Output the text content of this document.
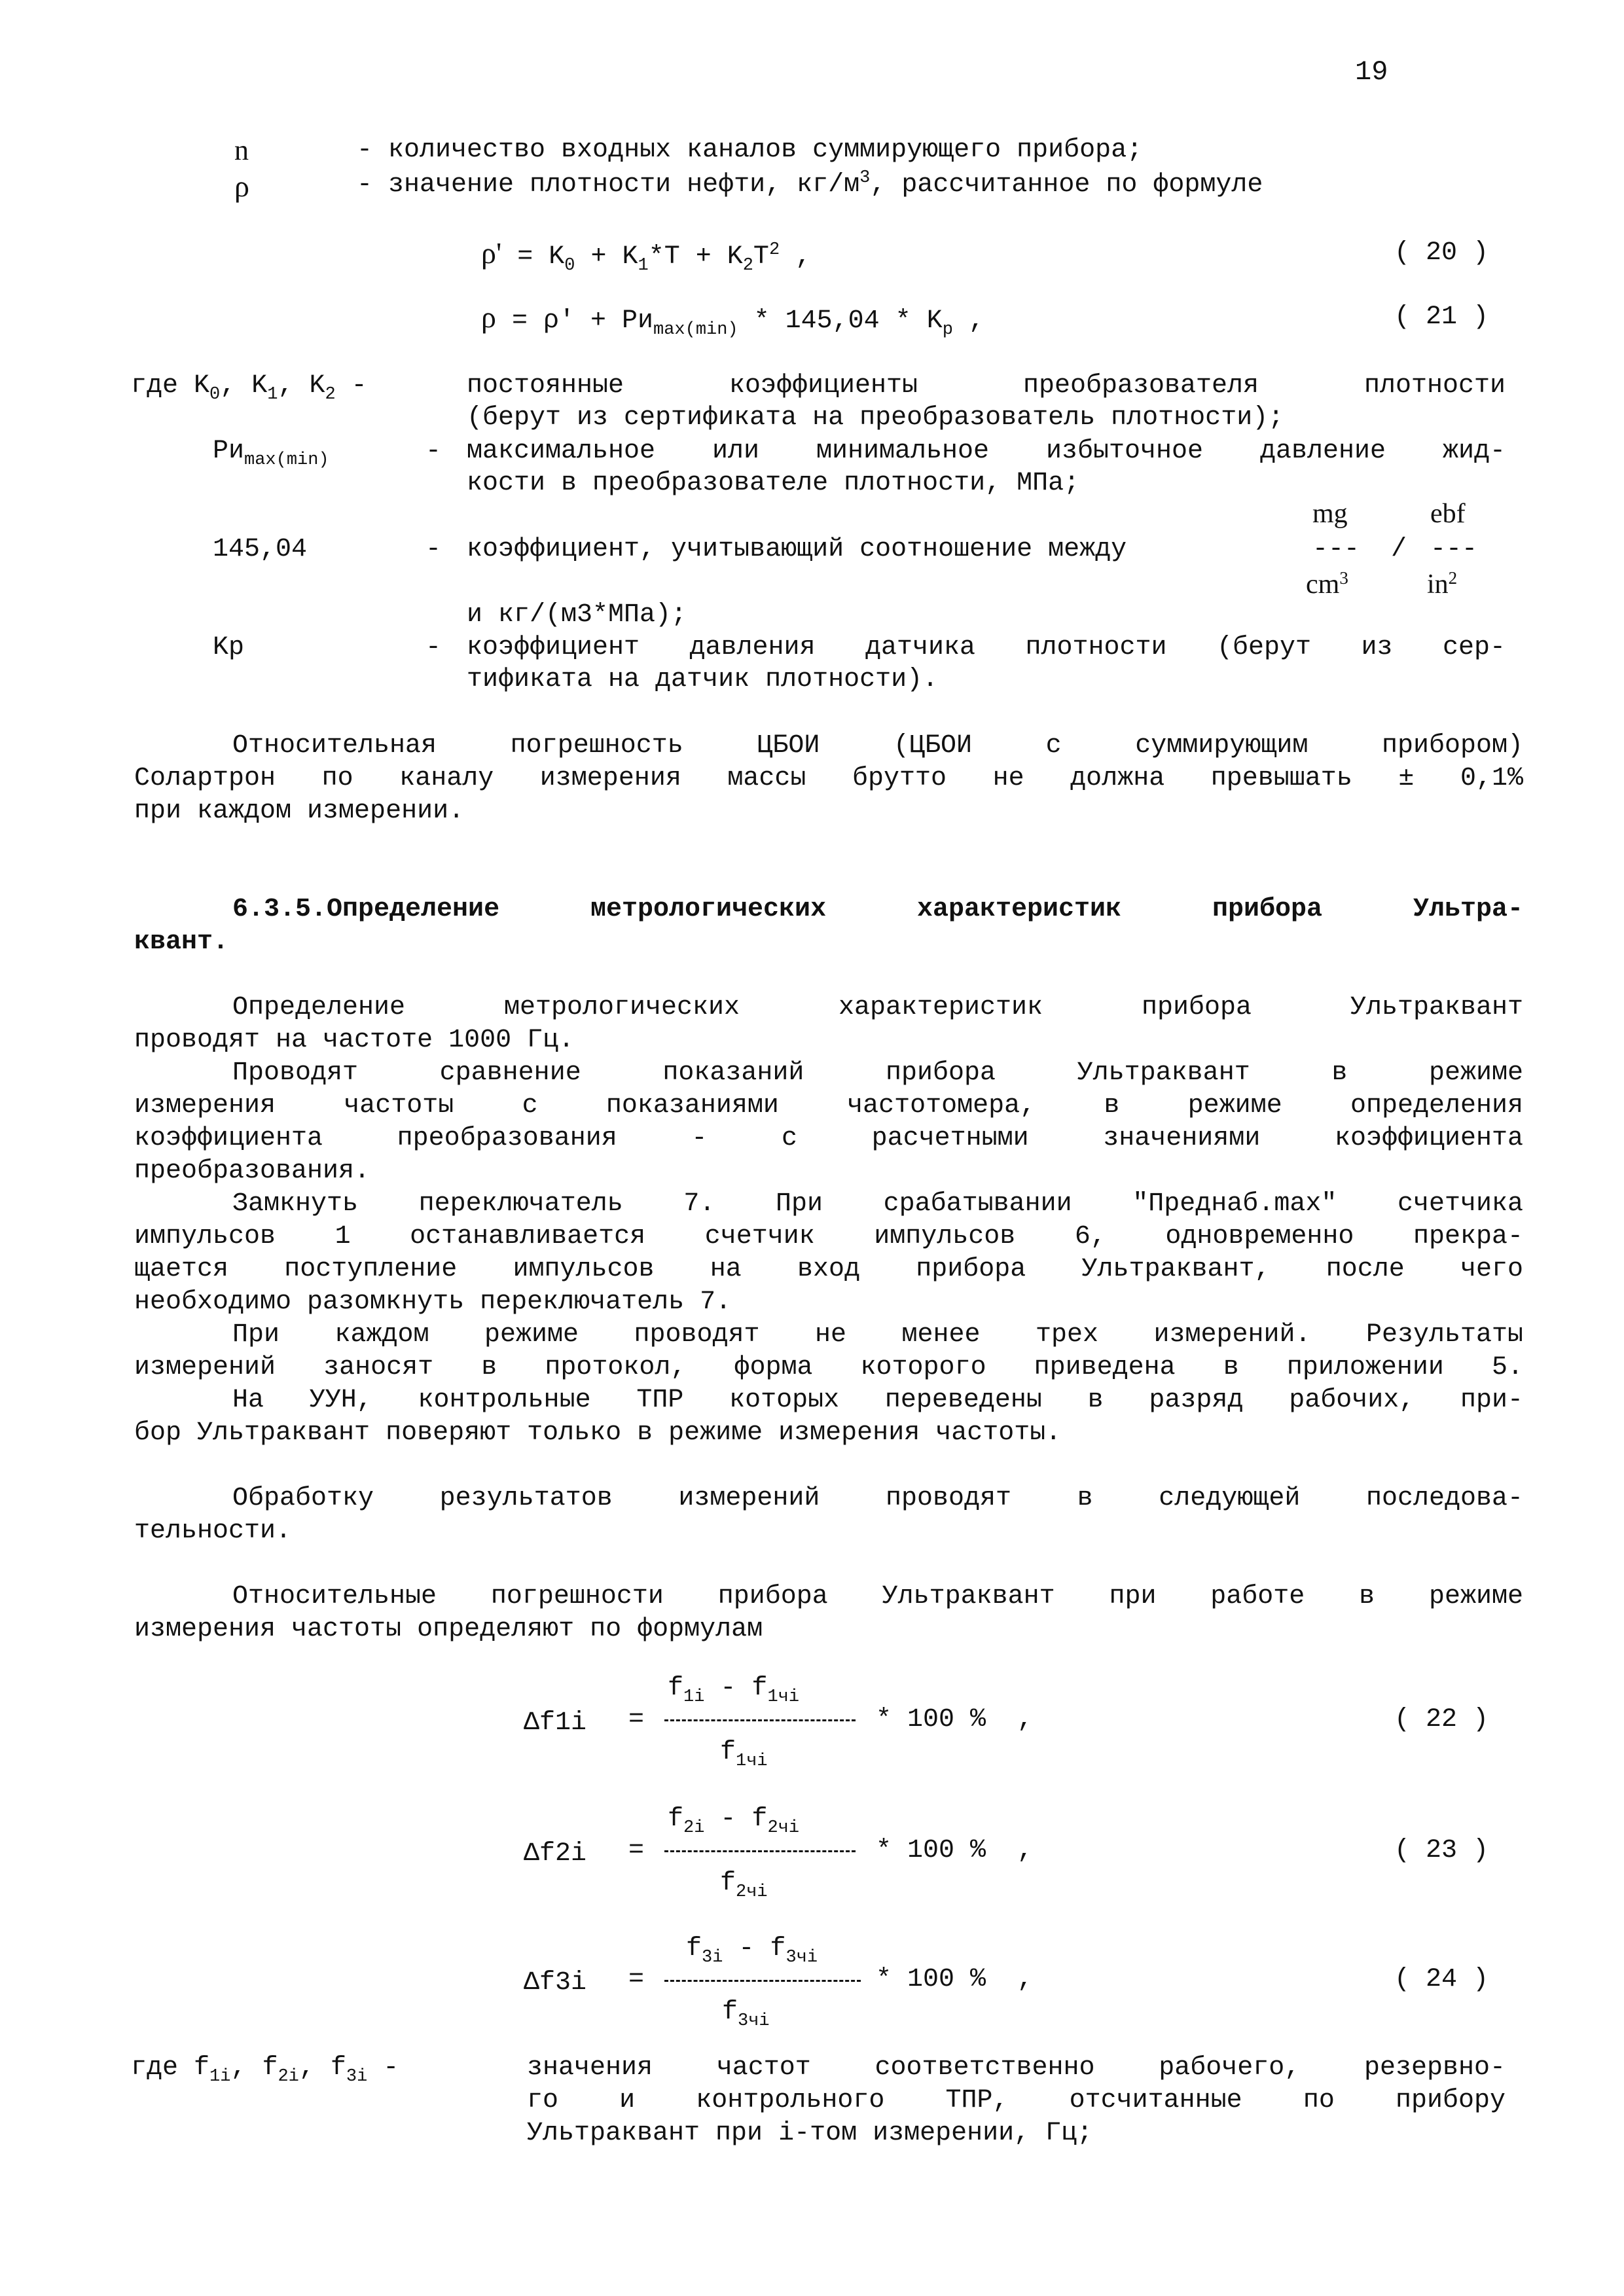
19
n	- количество входных каналов суммирующего прибора;
ρ	- значение плотности нефти, $кг/м^3$, рассчитанное по формуле
$\rho' = K_0 + K_1*T + K_2T^2$ ,	( 20 )
$\rho = \rho' + Pи_{max(min)} * 145,04 * K_p$ ,	( 21 )
где $K_0$, $K_1$, $K_2$ -	постоянные коэффициенты преобразователя плотности
(берут из сертификата на преобразователь плотности);
$Pи_{max(min)}$	- максимальное или минимальное избыточное давление жид-
кости в преобразователе плотности, МПа;
mg	ebf
145,04	- коэффициент, учитывающий соотношение между	--- / ---
$cm^3$	$in^2$
и кг/(м3*МПа);
Kp	- коэффициент давления датчика плотности (берут из сер-
тификата на датчик плотности).
Относительная погрешность ЦБОИ (ЦБОИ с суммирующим прибором)
Солартрон по каналу измерения массы брутто не должна превышать ± 0,1%
при каждом измерении.
6.3.5.Определение метрологических характеристик прибора Ультра-
квант.
Определение метрологических характеристик прибора Ультраквант
проводят на частоте 1000 Гц.
Проводят сравнение показаний прибора Ультраквант в режиме
измерения частоты с показаниями частотомера, в режиме определения
коэффициента преобразования - с расчетными значениями коэффициента
преобразования.
Замкнуть переключатель 7. При срабатывании "Преднаб.max" счетчика
импульсов 1 останавливается счетчик импульсов 6, одновременно прекра-
щается поступление импульсов на вход прибора Ультраквант, после чего
необходимо разомкнуть переключатель 7.
При каждом режиме проводят не менее трех измерений. Результаты
измерений заносят в протокол, форма которого приведена в приложении 5.
На УУН, контрольные ТПР которых переведены в разряд рабочих, при-
бор Ультраквант поверяют только в режиме измерения частоты.
Обработку результатов измерений проводят в следующей последова-
тельности.
Относительные погрешности прибора Ультраквант при работе в режиме
измерения частоты определяют по формулам
$f_{1i} - f_{1чi}$
Δf1i =	* 100 %  ,
$f_{1чi}$
( 22 )
$f_{2i} - f_{2чi}$
Δf2i =	* 100 %  ,
$f_{2чi}$
( 23 )
$f_{3i} - f_{3чi}$
Δf3i =	* 100 %  ,
$f_{3чi}$
( 24 )
где $f_{1i}$, $f_{2i}$, $f_{3i}$ -	значения частот соответственно рабочего, резервно-
го и контрольного ТПР, отсчитанные по прибору
Ультраквант при i-том измерении, Гц;
